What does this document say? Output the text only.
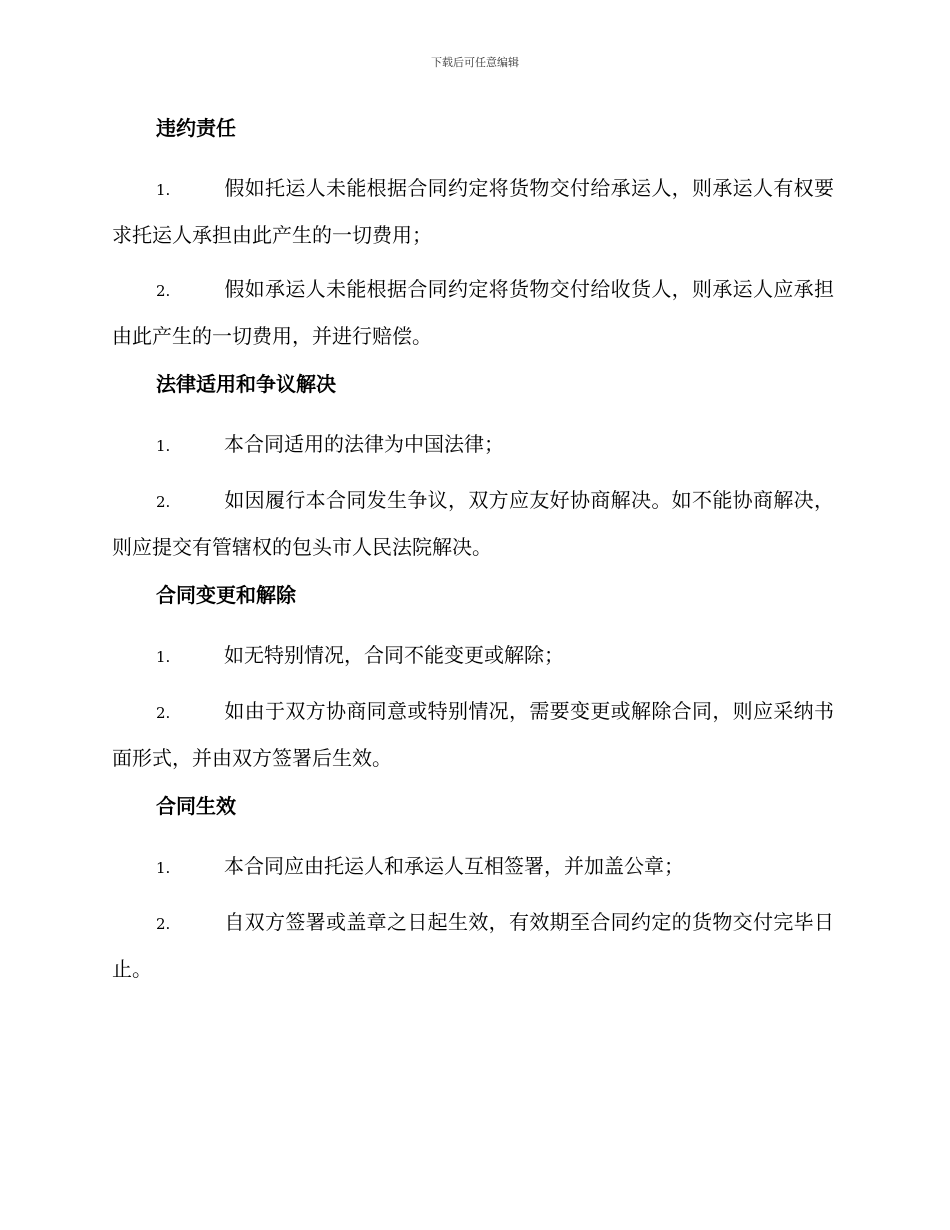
下载后可任意编辑
违约责任
1.	假如托运人未能根据合同约定将货物交付给承运人，则承运人有权要求托运人承担由此产生的一切费用；
2.	假如承运人未能根据合同约定将货物交付给收货人，则承运人应承担由此产生的一切费用，并进行赔偿。
法律适用和争议解决
1.	本合同适用的法律为中国法律；
2.	如因履行本合同发生争议，双方应友好协商解决。如不能协商解决，则应提交有管辖权的包头市人民法院解决。
合同变更和解除
1.	如无特别情况，合同不能变更或解除；
2.	如由于双方协商同意或特别情况，需要变更或解除合同，则应采纳书面形式，并由双方签署后生效。
合同生效
1.	本合同应由托运人和承运人互相签署，并加盖公章；
2.	自双方签署或盖章之日起生效，有效期至合同约定的货物交付完毕日止。
